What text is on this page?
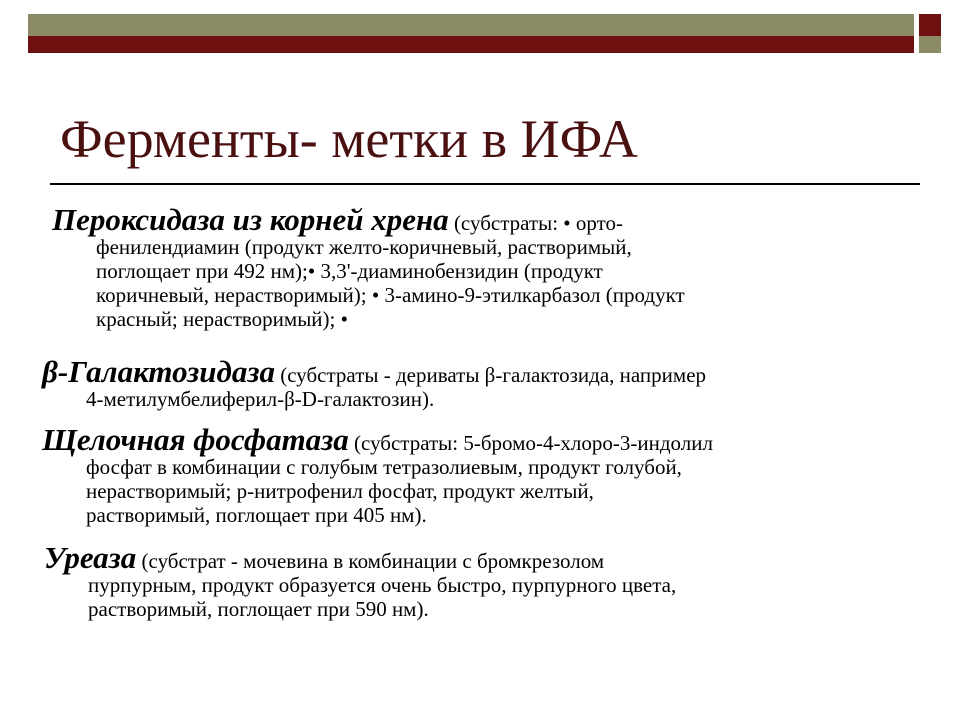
Ферменты- метки в ИФА

Пероксидаза из корней хрена (субстраты: • орто-
фенилендиамин (продукт желто-коричневый, растворимый,
поглощает при 492 нм);• 3,3'-диаминобензидин (продукт
коричневый, нерастворимый); • 3-амино-9-этилкарбазол (продукт
красный; нерастворимый); •

β-Галактозидаза (субстраты - дериваты β-галактозида, например
4-метилумбелиферил-β-D-галактозин).

Щелочная фосфатаза (субстраты: 5-бромо-4-хлоро-3-индолил
фосфат в комбинации с голубым тетразолиевым, продукт голубой,
нерастворимый; р-нитрофенил фосфат, продукт желтый,
растворимый, поглощает при 405 нм).

Уреаза (субстрат - мочевина в комбинации с бромкрезолом
пурпурным, продукт образуется очень быстро, пурпурного цвета,
растворимый, поглощает при 590 нм).
